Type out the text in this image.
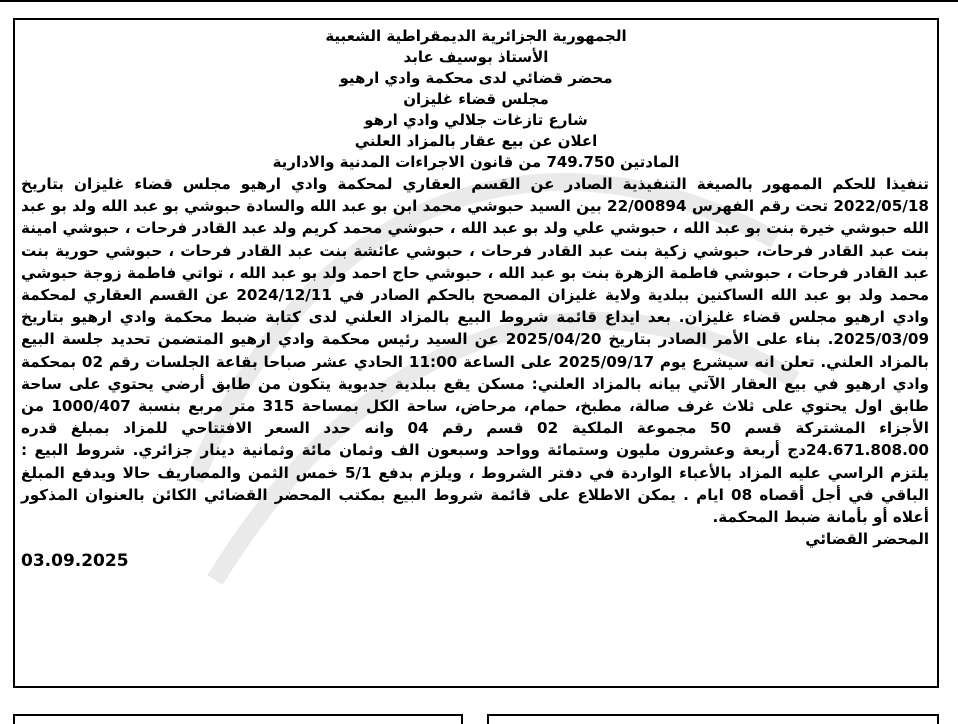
الجمهورية الجزائرية الديمقراطية الشعبية
الأستاذ بوسيف عابد
محضر قضائي لدى محكمة وادي ارهيو
مجلس قضاء غليزان
شارع تازغات جلالي وادي ارهو
اعلان عن بيع عقار بالمزاد العلني
المادتين 749.750 من قانون الاجراءات المدنية والادارية
تنفيذا للحكم الممهور بالصيغة التنفيذية الصادر عن القسم العقاري لمحكمة وادي ارهيو مجلس قضاء غليزان بتاريخ 2022/05/18 تحت رقم الفهرس 22/00894 بين السيد حبوشي محمد ابن بو عبد الله والسادة حبوشي بو عبد الله ولد بو عبد الله حبوشي خيرة بنت بو عبد الله ، حبوشي علي ولد بو عبد الله ، حبوشي محمد كريم ولد عبد القادر فرحات ، حبوشي امينة بنت عبد القادر فرحات، حبوشي زكية بنت عبد القادر فرحات ، حبوشي عائشة بنت عبد القادر فرحات ، حبوشي حورية بنت عبد القادر فرحات ، حبوشي فاطمة الزهرة بنت بو عبد الله ، حبوشي حاج احمد ولد بو عبد الله ، تواتي فاطمة زوجة حبوشي محمد ولد بو عبد الله الساكنين ببلدية ولاية غليزان المصحح بالحكم الصادر في 2024/12/11 عن القسم العقاري لمحكمة وادي ارهيو مجلس قضاء غليزان. بعد ايداع قائمة شروط البيع بالمزاد العلني لدى كتابة ضبط محكمة وادي ارهيو بتاريخ 2025/03/09. بناء على الأمر الصادر بتاريخ 2025/04/20 عن السيد رئيس محكمة وادي ارهيو المتضمن تحديد جلسة البيع بالمزاد العلني. تعلن انه سيشرع يوم 2025/09/17 على الساعة 11:00 الحادي عشر صباحا بقاعة الجلسات رقم 02 بمحكمة وادي ارهيو في بيع العقار الآتي بيانه بالمزاد العلني: مسكن يقع ببلدية جديوية يتكون من طابق أرضي يحتوي على ساحة طابق اول يحتوي على ثلاث غرف صالة، مطبخ، حمام، مرحاض، ساحة الكل بمساحة 315 متر مربع بنسبة 1000/407 من الأجزاء المشتركة قسم 50 مجموعة الملكية 02 قسم رقم 04 وانه حدد السعر الافتتاحي للمزاد بمبلغ قدره 24.671.808.00دج أربعة وعشرون مليون وستمائة وواحد وسبعون الف وثمان مائة وثمانية دينار جزائري. شروط البيع : يلتزم الراسي عليه المزاد بالأعباء الواردة في دفتر الشروط ، ويلزم بدفع 5/1 خمس الثمن والمصاريف حالا ويدفع المبلغ الباقي في أجل أقصاه 08 ايام . يمكن الاطلاع على قائمة شروط البيع بمكتب المحضر القضائي الكائن بالعنوان المذكور أعلاه أو بأمانة ضبط المحكمة.
المحضر القضائي
03.09.2025
